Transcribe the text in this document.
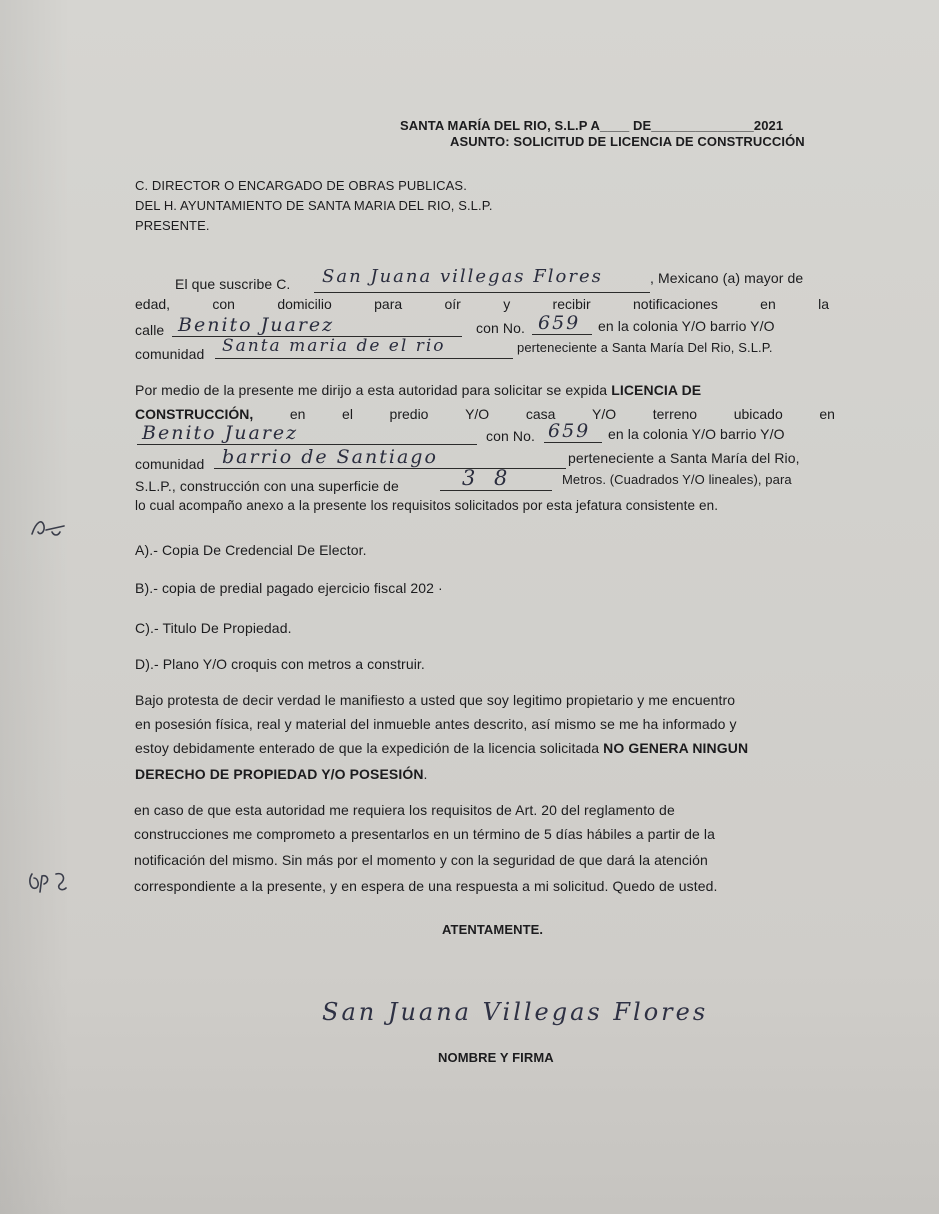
SANTA MARÍA DEL RIO, S.L.P A____ DE______________2021
ASUNTO: SOLICITUD DE LICENCIA DE CONSTRUCCIÓN
C. DIRECTOR O ENCARGADO DE OBRAS PUBLICAS.
DEL H. AYUNTAMIENTO DE SANTA MARIA DEL RIO, S.L.P.
PRESENTE.
El que suscribe C. San Juana villegas Flores	, Mexicano (a) mayor de
edad,	con	domicilio	para	oír	y	recibir	notificaciones	en	la
calle Benito Juarez	con No. 659 en la colonia Y/O barrio Y/O
comunidad Santa maria de el rio	perteneciente a Santa María Del Rio, S.L.P.
Por medio de la presente me dirijo a esta autoridad para solicitar se expida LICENCIA DE
CONSTRUCCIÓN,	en	el	predio	Y/O	casa	Y/O	terreno	ubicado	en
Benito Juarez	con No. 659 en la colonia Y/O barrio Y/O
comunidad barrio de Santiago	perteneciente a Santa María del Rio,
S.L.P., construcción con una superficie de	3 8	Metros. (Cuadrados Y/O lineales), para
lo cual acompaño anexo a la presente los requisitos solicitados por esta jefatura consistente en.
A).- Copia De Credencial De Elector.
B).- copia de predial pagado ejercicio fiscal 202 ·
C).- Titulo De Propiedad.
D).- Plano Y/O croquis con metros a construir.
Bajo protesta de decir verdad le manifiesto a usted que soy legitimo propietario y me encuentro
en posesión física, real y material del inmueble antes descrito, así mismo se me ha informado y
estoy debidamente enterado de que la expedición de la licencia solicitada NO GENERA NINGUN
DERECHO DE PROPIEDAD Y/O POSESIÓN.
en caso de que esta autoridad me requiera los requisitos de Art. 20 del reglamento de
construcciones me comprometo a presentarlos en un término de 5 días hábiles a partir de la
notificación del mismo. Sin más por el momento y con la seguridad de que dará la atención
correspondiente a la presente, y en espera de una respuesta a mi solicitud. Quedo de usted.
ATENTAMENTE.
San Juana Villegas Flores
NOMBRE Y FIRMA
